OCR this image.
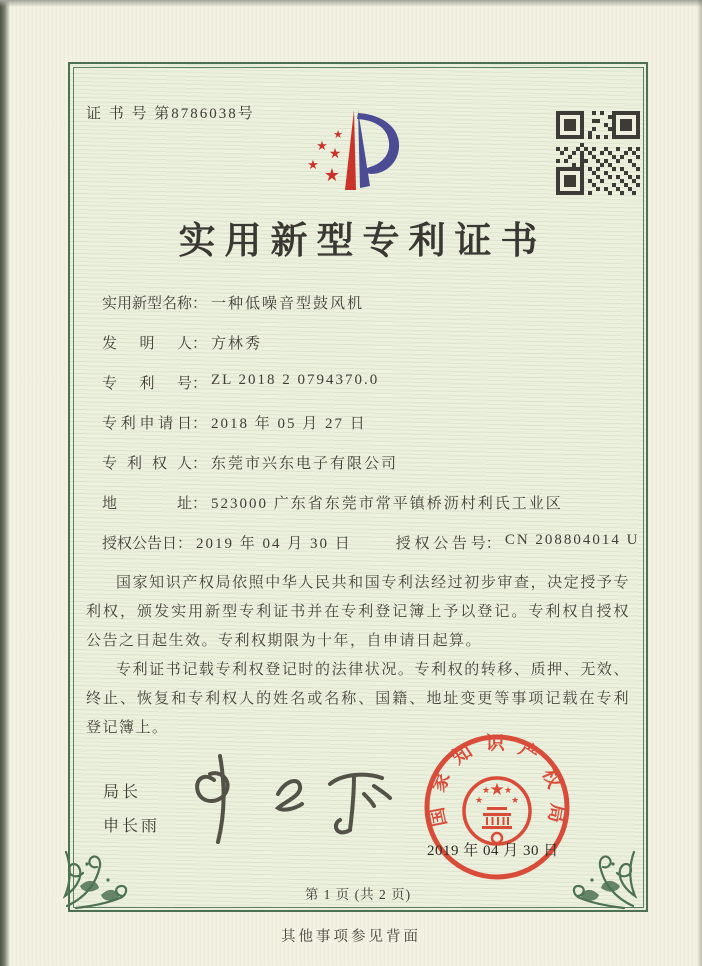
证 书 号 第8786038号
★
★
★
★
★
实用新型专利证书
实用新型名称 ： 一种低噪音型鼓风机
发明人 ： 方林秀
专利号 ： ZL 2018 2 0794370.0
专利申请日 ： 2018 年 05 月 27 日
专利权人 ： 东莞市兴东电子有限公司
地址 ： 523000 广东省东莞市常平镇桥沥村利氏工业区
授权公告日 ： 2019 年 04 月 30 日	授权公告号 ： CN 208804014 U

国家知识产权局依照中华人民共和国专利法经过初步审查，决定授予专利权，颁发实用新型专利证书并在专利登记簿上予以登记。专利权自授权公告之日起生效。专利权期限为十年，自申请日起算。

专利证书记载专利权登记时的法律状况。专利权的转移、质押、无效、终止、恢复和专利权人的姓名或名称、国籍、地址变更等事项记载在专利登记簿上。

局长
申长雨	国家知识产权局
★
★	★
★ ★
2019 年 04 月 30 日
第 1 页 (共 2 页)
其他事项参见背面
